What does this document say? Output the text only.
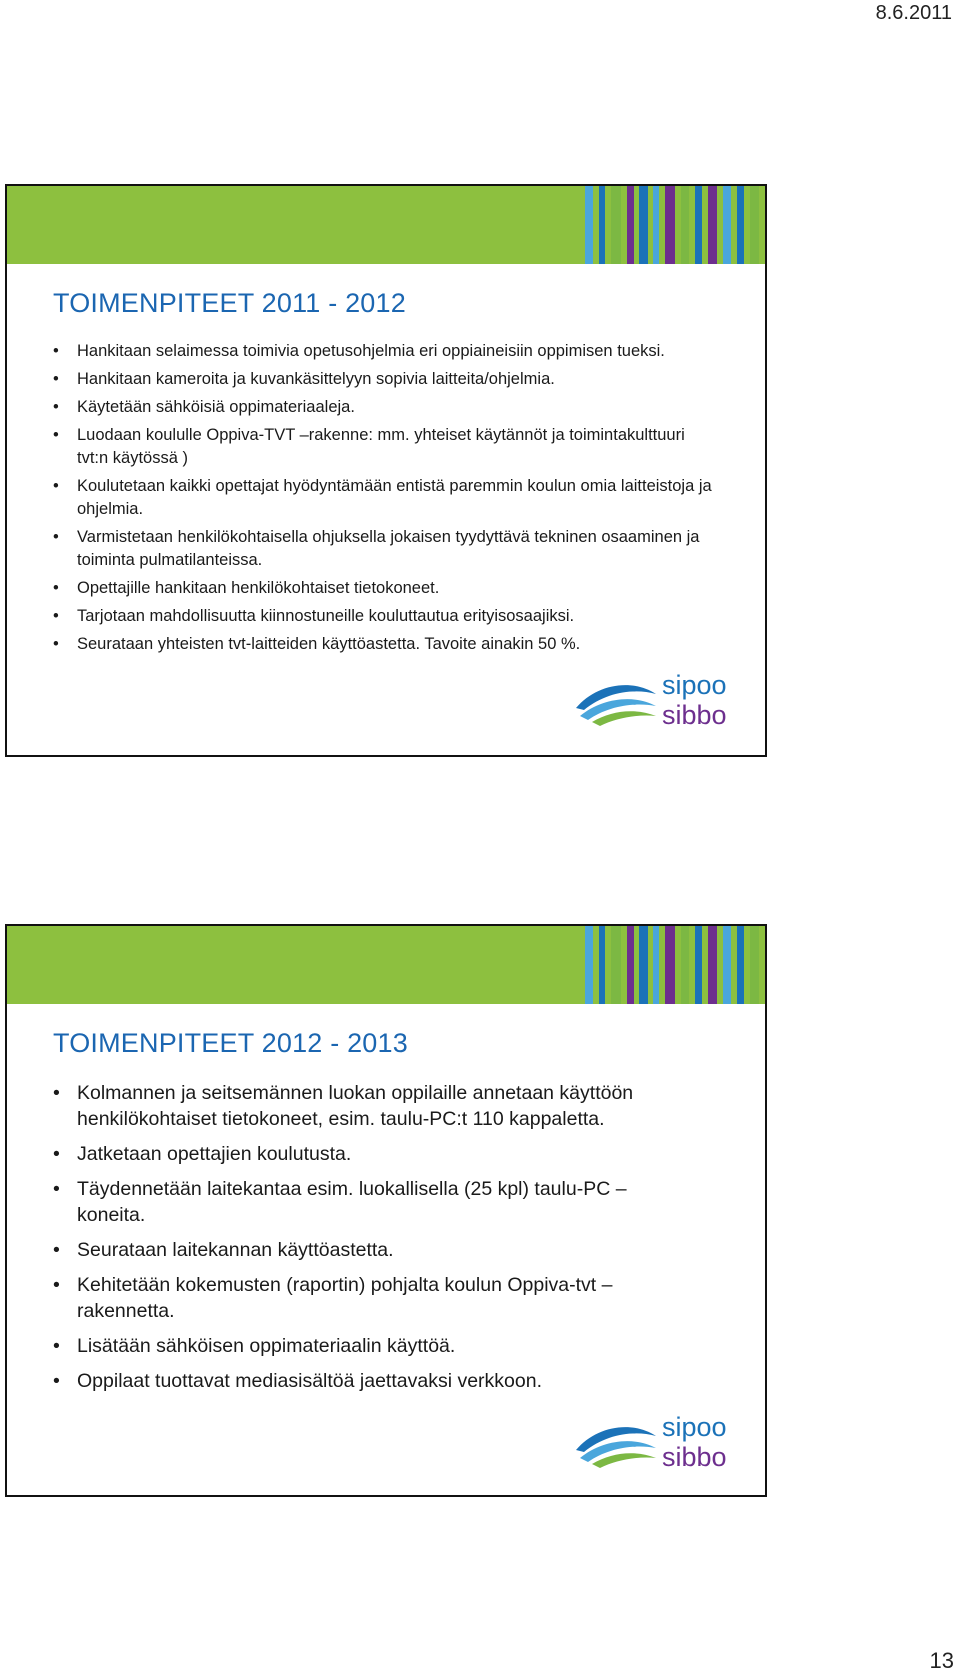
8.6.2011
TOIMENPITEET 2011 - 2012
• Hankitaan selaimessa toimivia opetusohjelmia eri oppiaineisiin oppimisen tueksi.
• Hankitaan kameroita ja kuvankäsittelyyn sopivia laitteita/ohjelmia.
• Käytetään sähköisiä oppimateriaaleja.
• Luodaan koululle Oppiva-TVT –rakenne: mm. yhteiset käytännöt ja toimintakulttuuri tvt:n käytössä )
• Koulutetaan kaikki opettajat hyödyntämään entistä paremmin koulun omia laitteistoja ja ohjelmia.
• Varmistetaan henkilökohtaisella ohjuksella jokaisen tyydyttävä tekninen osaaminen ja toiminta pulmatilanteissa.
• Opettajille hankitaan henkilökohtaiset tietokoneet.
• Tarjotaan mahdollisuutta kiinnostuneille kouluttautua erityisosaajiksi.
• Seurataan yhteisten tvt-laitteiden käyttöastetta. Tavoite ainakin 50 %.
sipoo
sibbo
TOIMENPITEET 2012 - 2013
• Kolmannen ja seitsemännen luokan oppilaille annetaan käyttöön henkilökohtaiset tietokoneet, esim. taulu-PC:t 110 kappaletta.
• Jatketaan opettajien koulutusta.
• Täydennetään laitekantaa esim. luokallisella (25 kpl) taulu-PC –koneita.
• Seurataan laitekannan käyttöastetta.
• Kehitetään kokemusten (raportin) pohjalta koulun Oppiva-tvt –rakennetta.
• Lisätään sähköisen oppimateriaalin käyttöä.
• Oppilaat tuottavat mediasisältöä jaettavaksi verkkoon.
sipoo
sibbo
13
